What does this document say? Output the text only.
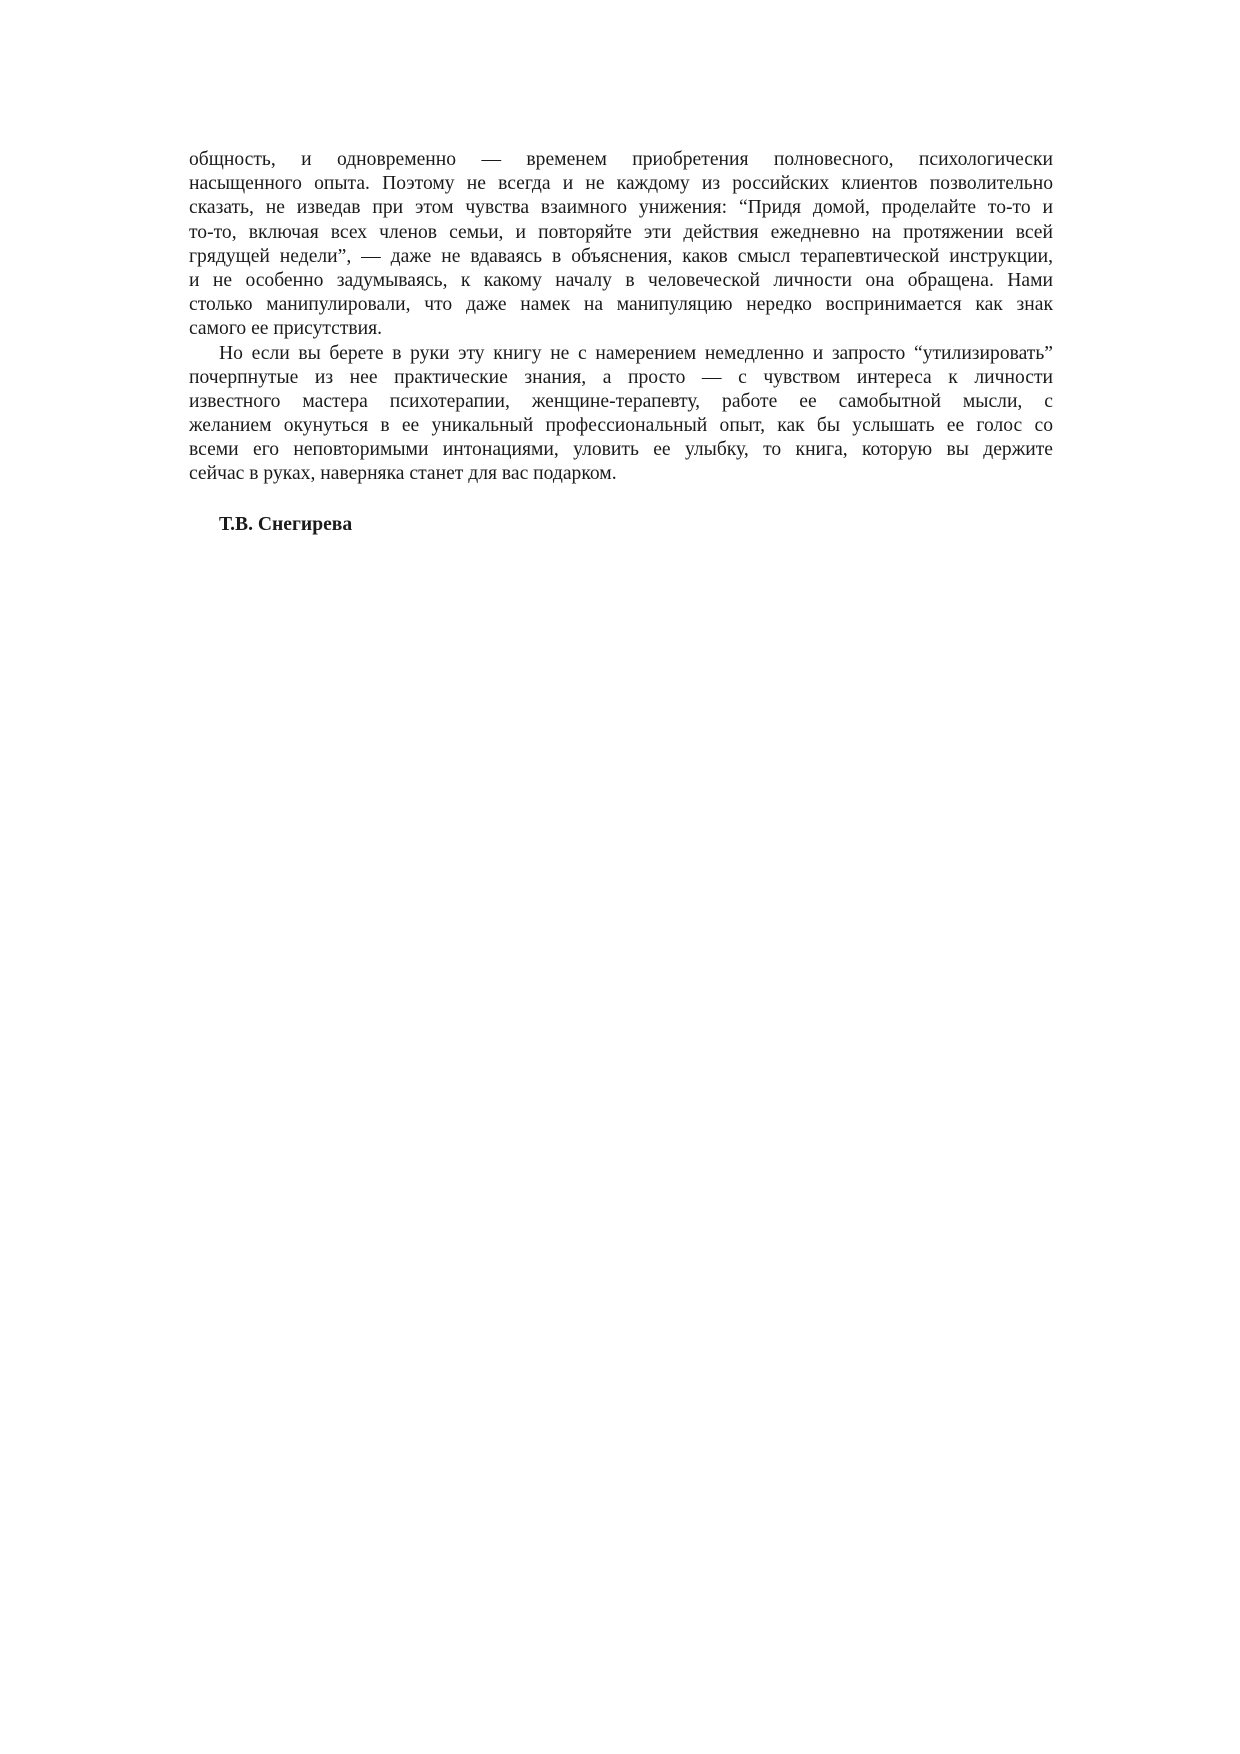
общность, и одновременно — временем приобретения полновесного, психологически
насыщенного опыта. Поэтому не всегда и не каждому из российских клиентов позволительно
сказать, не изведав при этом чувства взаимного унижения: “Придя домой, проделайте то-то и
то-то, включая всех членов семьи, и повторяйте эти действия ежедневно на протяжении всей
грядущей недели”, — даже не вдаваясь в объяснения, каков смысл терапевтической инструкции,
и не особенно задумываясь, к какому началу в человеческой личности она обращена. Нами
столько манипулировали, что даже намек на манипуляцию нередко воспринимается как знак
самого ее присутствия.
Но если вы берете в руки эту книгу не с намерением немедленно и запросто “утилизировать”
почерпнутые из нее практические знания, а просто — с чувством интереса к личности
известного мастера психотерапии, женщине-терапевту, работе ее самобытной мысли, с
желанием окунуться в ее уникальный профессиональный опыт, как бы услышать ее голос со
всеми его неповторимыми интонациями, уловить ее улыбку, то книга, которую вы держите
сейчас в руках, наверняка станет для вас подарком.
Т.В. Снегирева
